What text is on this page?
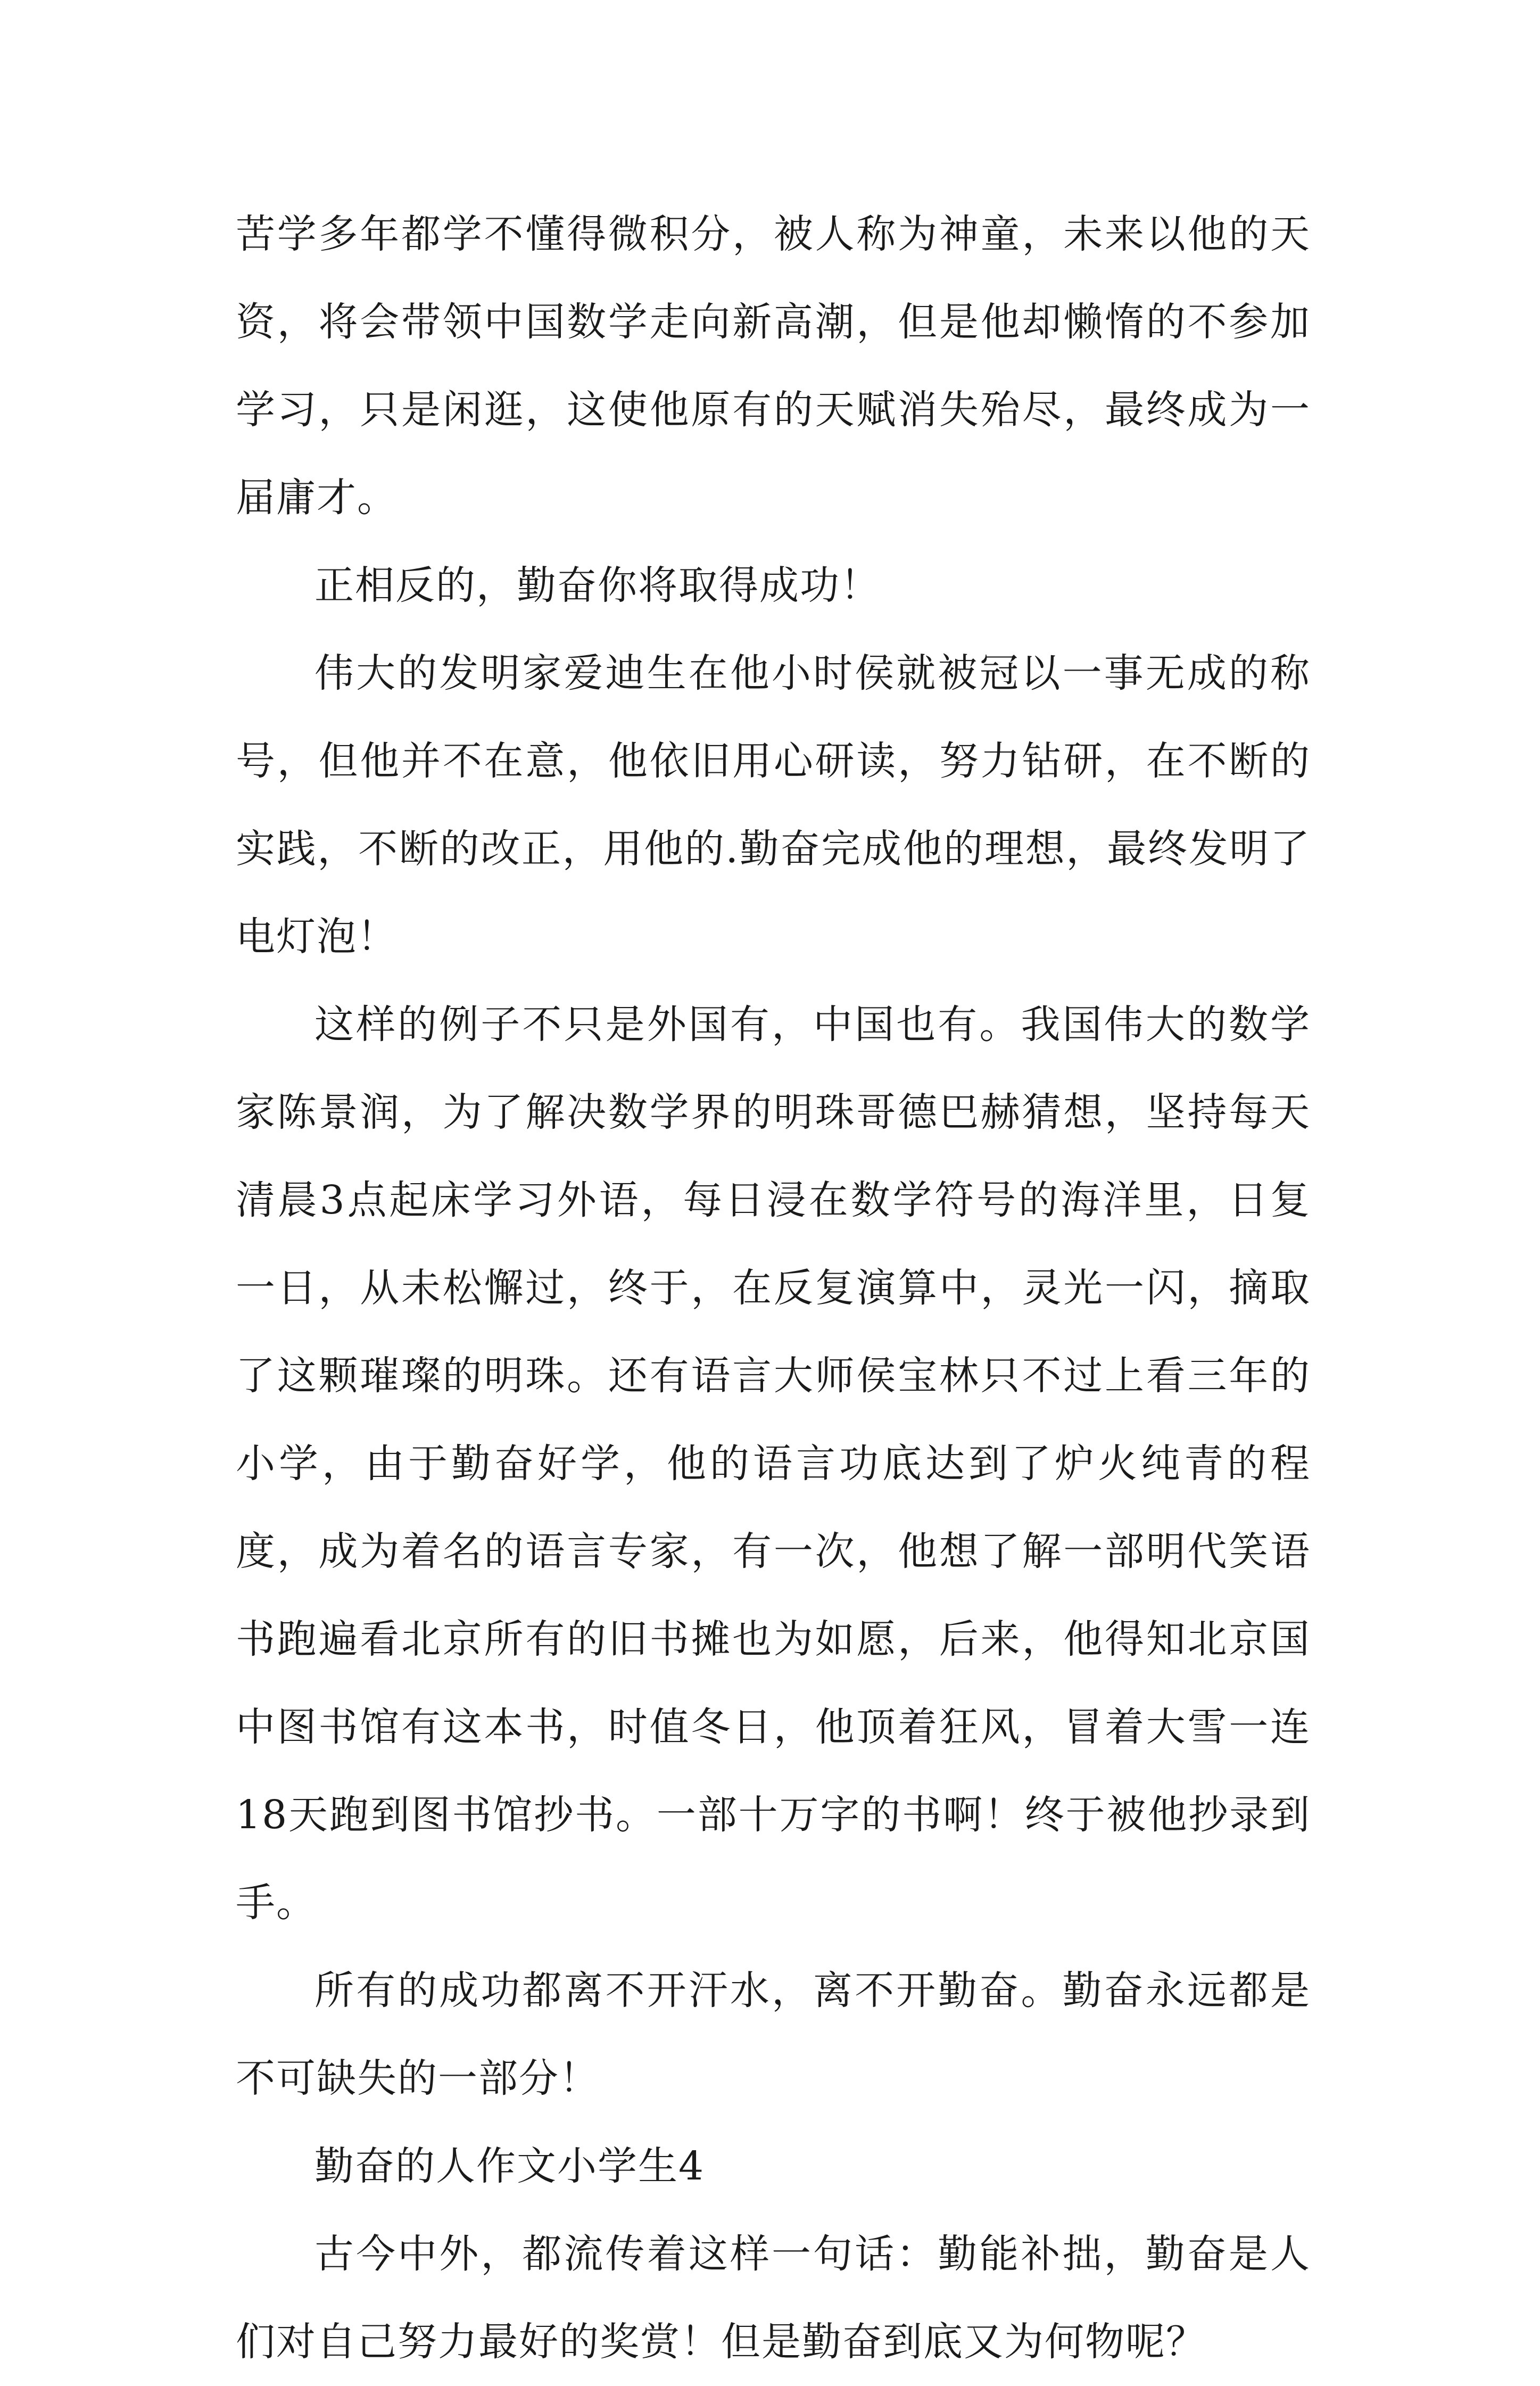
苦学多年都学不懂得微积分，被人称为神童，未来以他的天资，将会带领中国数学走向新高潮，但是他却懒惰的不参加学习，只是闲逛，这使他原有的天赋消失殆尽，最终成为一届庸才。

正相反的，勤奋你将取得成功！

伟大的发明家爱迪生在他小时侯就被冠以一事无成的称号，但他并不在意，他依旧用心研读，努力钻研，在不断的实践，不断的改正，用他的.勤奋完成他的理想，最终发明了电灯泡！

这样的例子不只是外国有，中国也有。我国伟大的数学家陈景润，为了解决数学界的明珠哥德巴赫猜想，坚持每天清晨3点起床学习外语，每日浸在数学符号的海洋里，日复一日，从未松懈过，终于，在反复演算中，灵光一闪，摘取了这颗璀璨的明珠。还有语言大师侯宝林只不过上看三年的小学，由于勤奋好学，他的语言功底达到了炉火纯青的程度，成为着名的语言专家，有一次，他想了解一部明代笑语书跑遍看北京所有的旧书摊也为如愿，后来，他得知北京国中图书馆有这本书，时值冬日，他顶着狂风，冒着大雪一连18天跑到图书馆抄书。一部十万字的书啊！终于被他抄录到手。

所有的成功都离不开汗水，离不开勤奋。勤奋永远都是不可缺失的一部分！

勤奋的人作文小学生4

古今中外，都流传着这样一句话：勤能补拙，勤奋是人们对自己努力最好的奖赏！但是勤奋到底又为何物呢？
